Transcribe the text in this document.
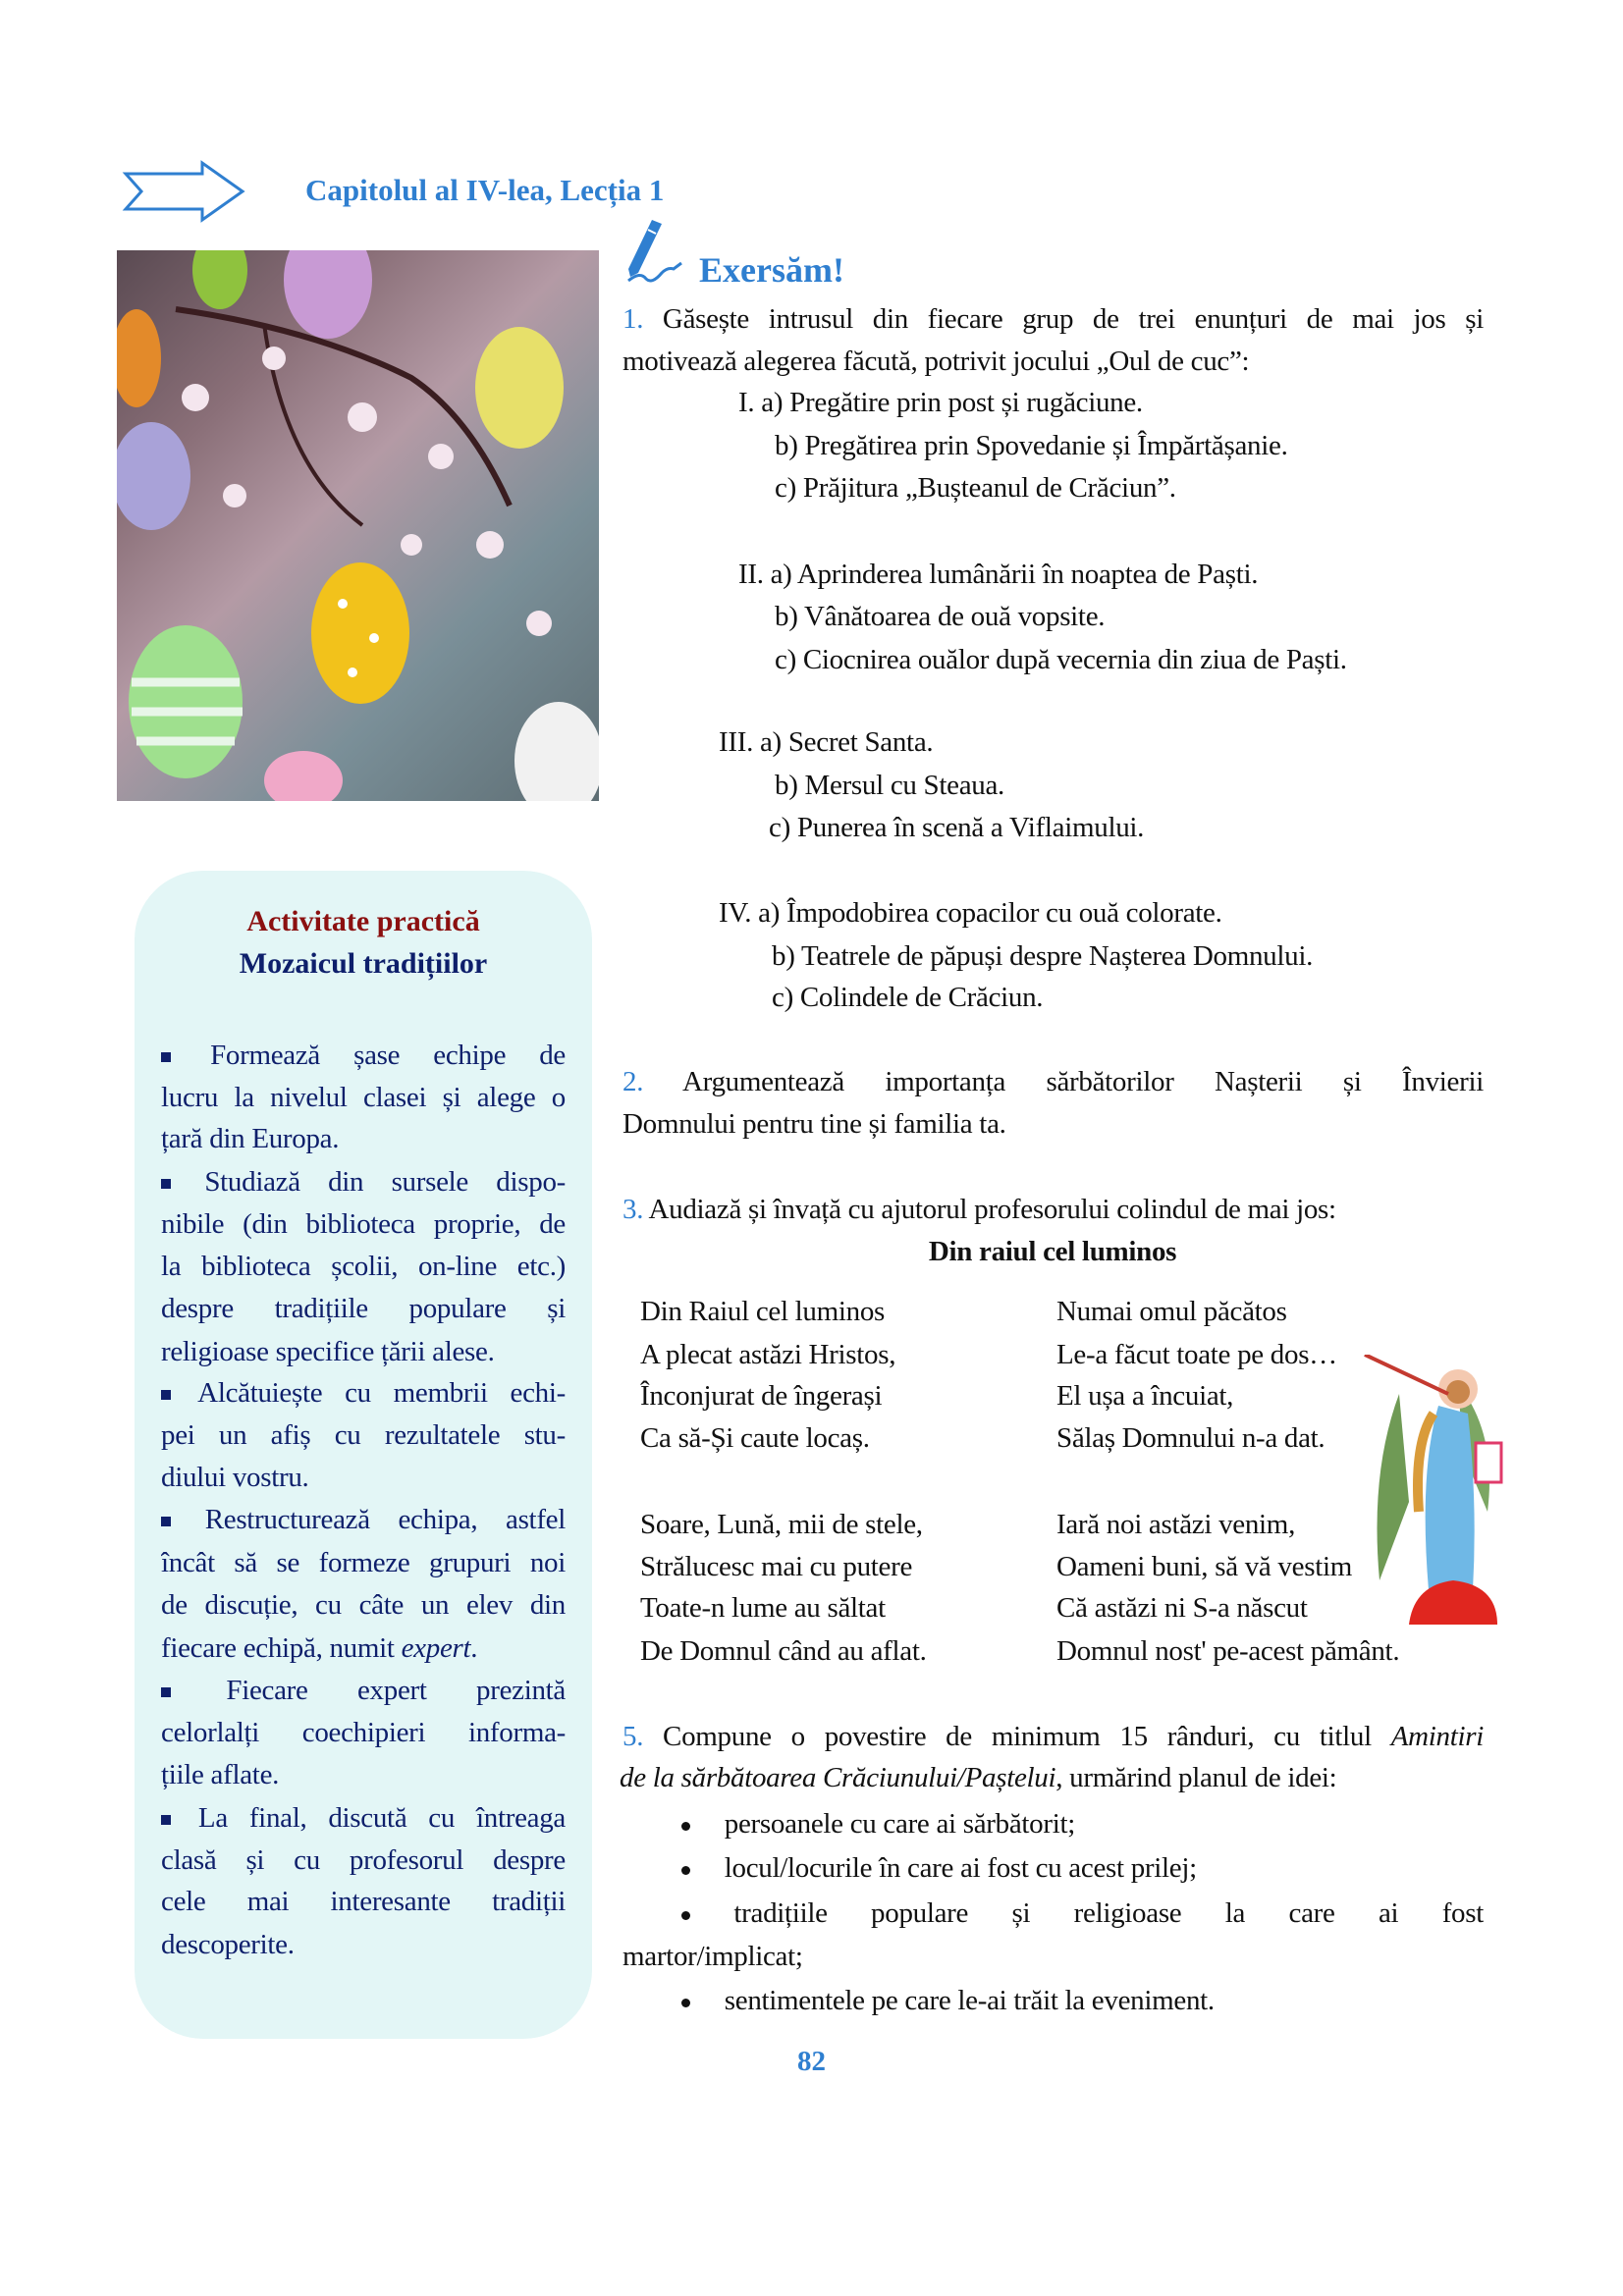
Capitolul al IV-lea, Lecția 1
Activitate practică
Mozaicul tradițiilor
Formează șase echipe de
lucru la nivelul clasei și alege o
țară din Europa.
Studiază din sursele dispo-
nibile (din biblioteca proprie, de
la biblioteca școlii, on-line etc.)
despre tradițiile populare și
religioase specifice țării alese.
Alcătuiește cu membrii echi-
pei un afiș cu rezultatele stu-
diului vostru.
Restructurează echipa, astfel
încât să se formeze grupuri noi
de discuție, cu câte un elev din
fiecare echipă, numit expert.
Fiecare expert prezintă
celorlalți coechipieri informa-
țiile aflate.
La final, discută cu întreaga
clasă și cu profesorul despre
cele mai interesante tradiții
descoperite.
Exersăm!
1. Găsește intrusul din fiecare grup de trei enunțuri de mai jos și
motivează alegerea făcută, potrivit jocului „Oul de cuc”:
I. a) Pregătire prin post și rugăciune.
b) Pregătirea prin Spovedanie și Împărtășanie.
c) Prăjitura „Bușteanul de Crăciun”.
II. a) Aprinderea lumânării în noaptea de Paști.
b) Vânătoarea de ouă vopsite.
c) Ciocnirea ouălor după vecernia din ziua de Paști.
III. a) Secret Santa.
b) Mersul cu Steaua.
c) Punerea în scenă a Viflaimului.
IV. a) Împodobirea copacilor cu ouă colorate.
b) Teatrele de păpuși despre Nașterea Domnului.
c) Colindele de Crăciun.
2. Argumentează importanța sărbătorilor Nașterii și Învierii
Domnului pentru tine și familia ta.
3. Audiază și învață cu ajutorul profesorului colindul de mai jos:
Din raiul cel luminos
5. Compune o povestire de minimum 15 rânduri, cu titlul Amintiri
de la sărbătoarea Crăciunului/Paștelui, urmărind planul de idei:
persoanele cu care ai sărbătorit;
locul/locurile în care ai fost cu acest prilej;
tradițiile populare și religioase la care ai fost
martor/implicat;
sentimentele pe care le-ai trăit la eveniment.
Din Raiul cel luminos
A plecat astăzi Hristos,
Înconjurat de îngerași
Ca să-Și caute locaș.
Soare, Lună, mii de stele,
Strălucesc mai cu putere
Toate-n lume au săltat
De Domnul când au aflat.
Numai omul păcătos
Le-a făcut toate pe dos…
El ușa a încuiat,
Sălaș Domnului n-a dat.
Iară noi astăzi venim,
Oameni buni, să vă vestim
Că astăzi ni S-a născut
Domnul nost' pe-acest pământ.
82
